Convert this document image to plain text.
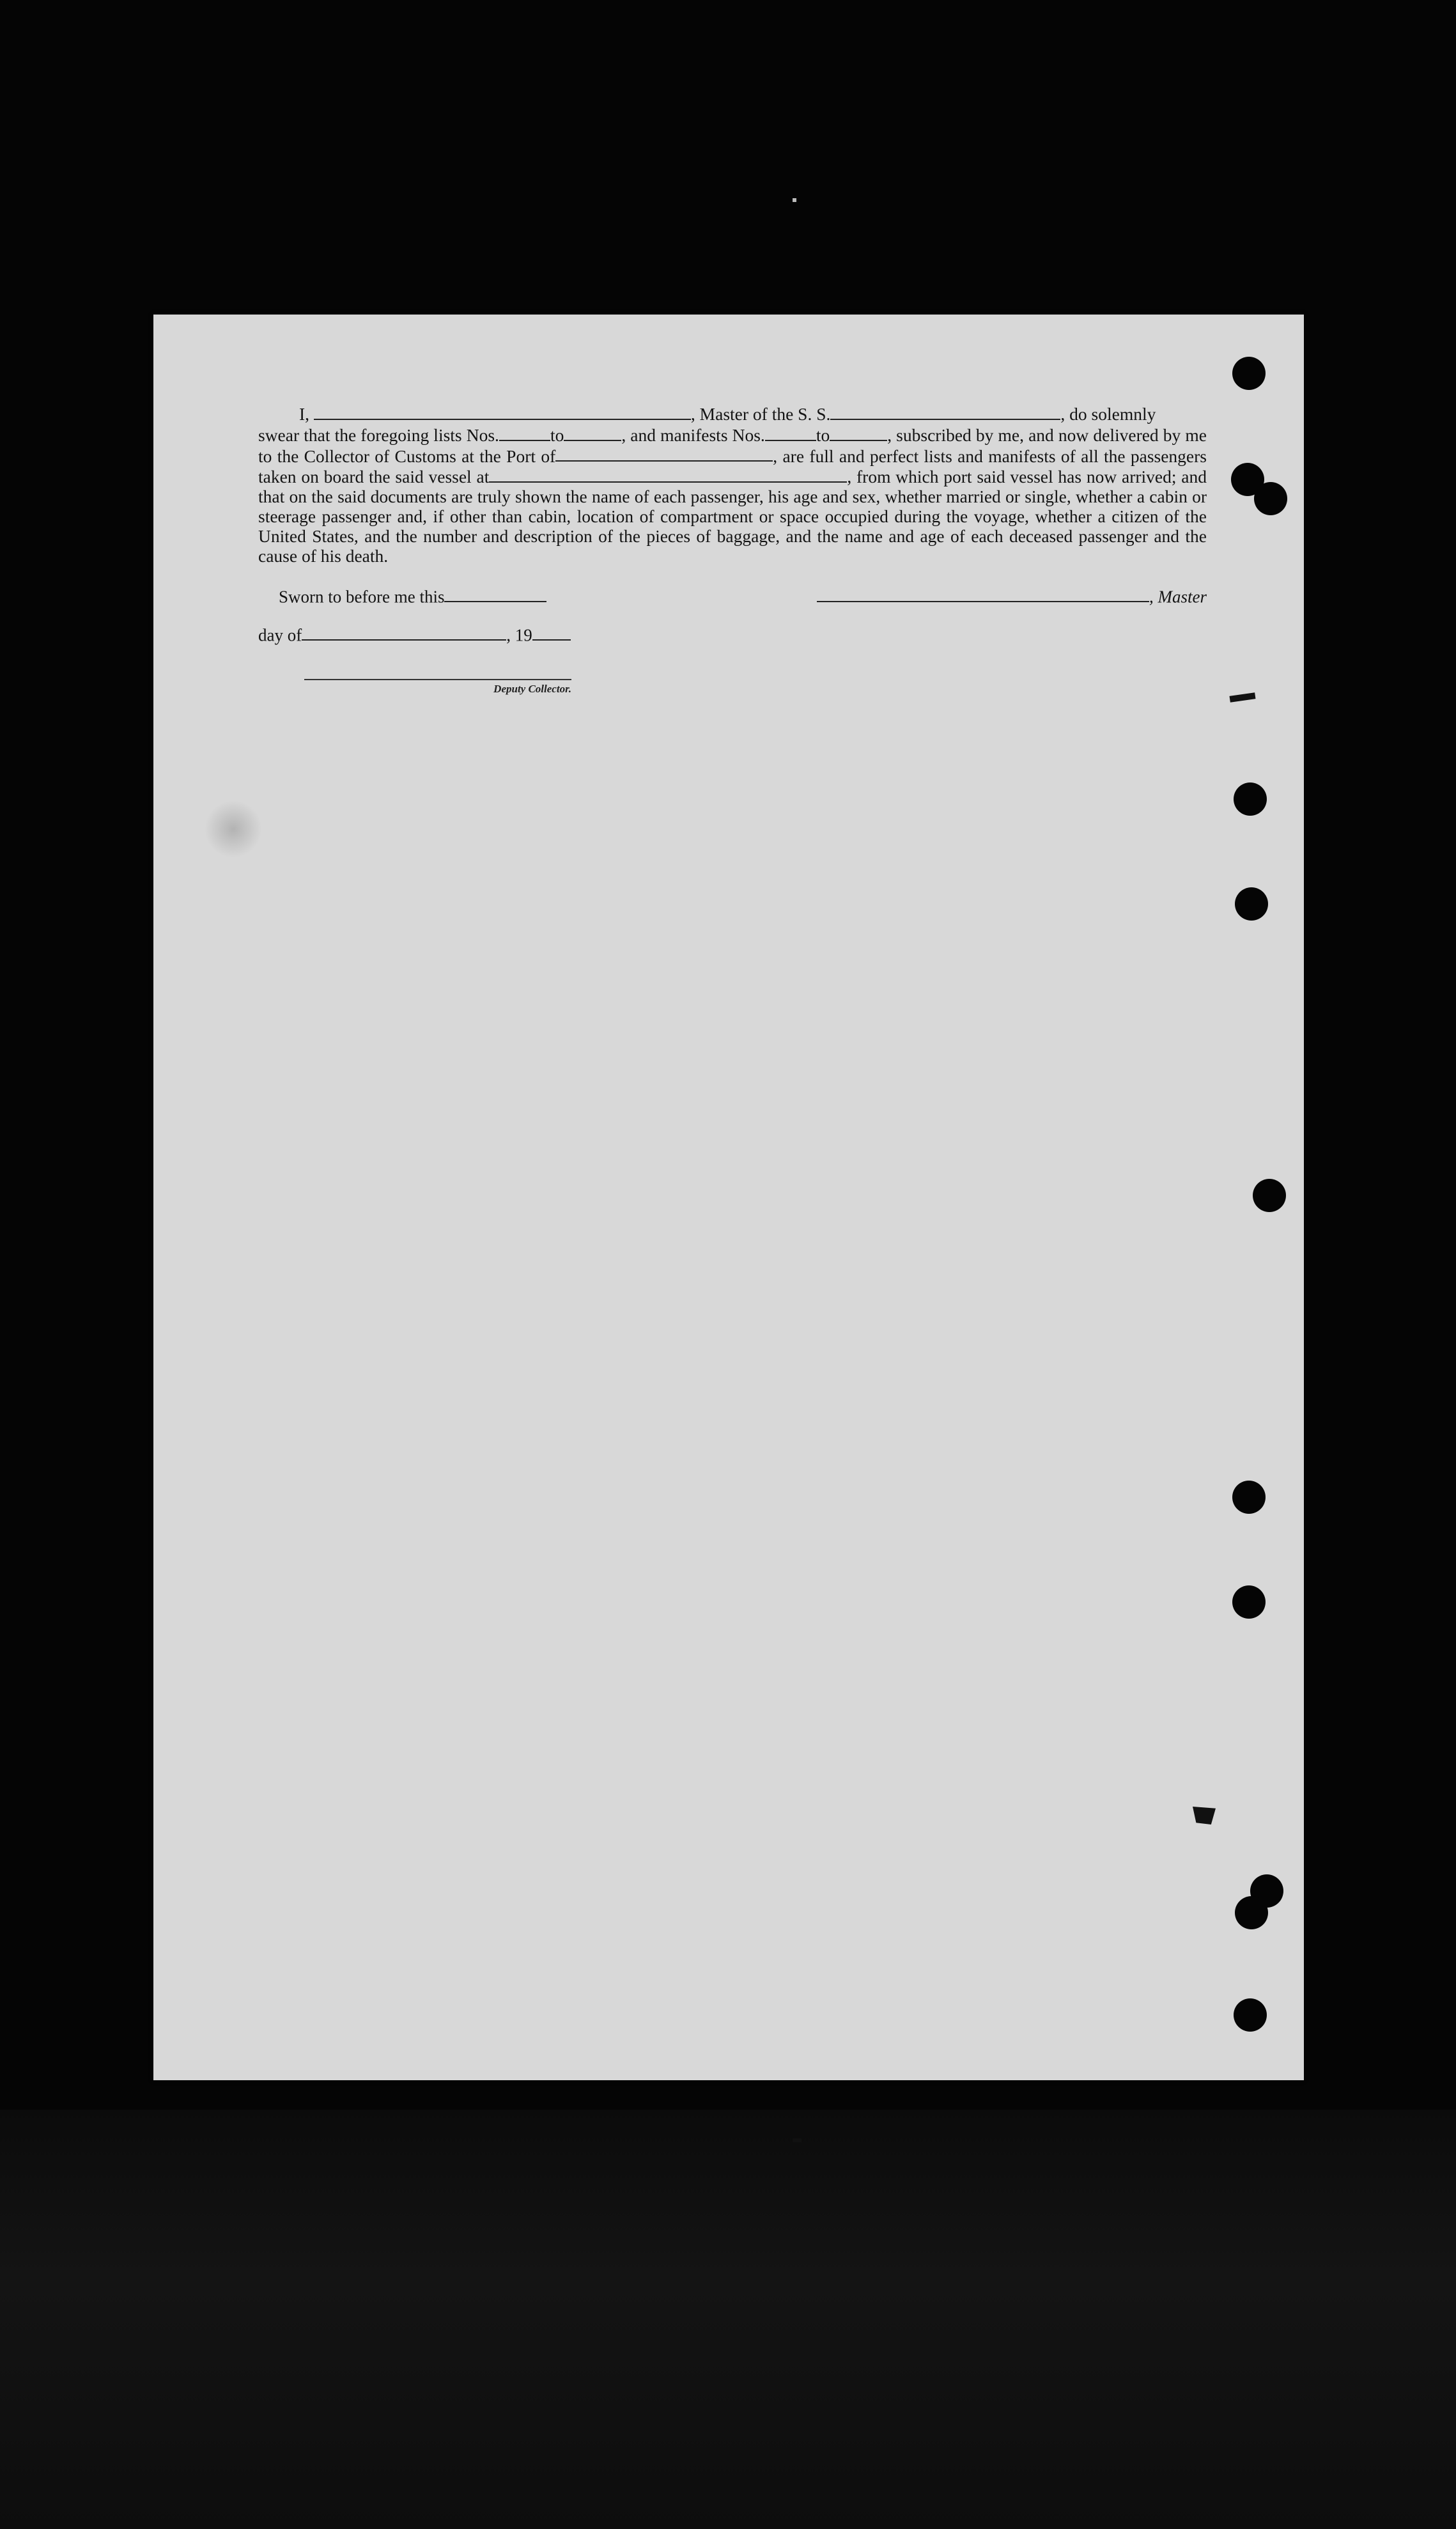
I,	, Master of the S. S.	, do solemnly

swear that the foregoing lists Nos.	to	, and manifests Nos.	to	, subscribed by me, and now delivered by me to the Collector of Customs at the Port of	, are full and perfect lists and manifests of all the passengers taken on board the said vessel at	, from which port said vessel has now arrived; and that on the said documents are truly shown the name of each passenger, his age and sex, whether married or single, whether a cabin or steerage passenger and, if other than cabin, location of compartment or space occupied during the voyage, whether a citizen of the United States, and the number and description of the pieces of baggage, and the name and age of each deceased passenger and the cause of his death.
Sworn to before me this	, Master
day of	, 19
Deputy Collector.
